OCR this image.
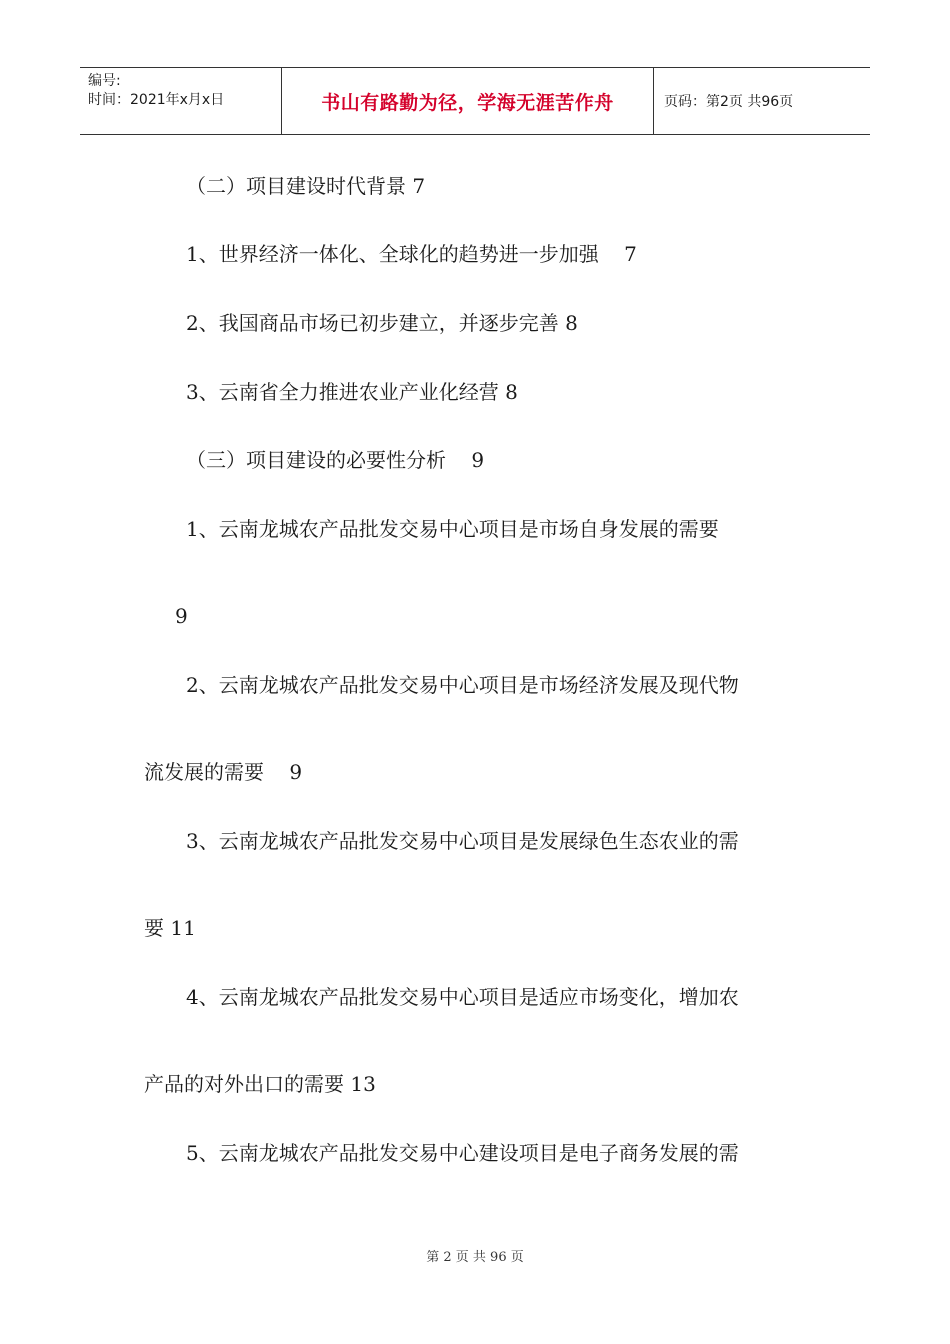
编号:
时间：2021年x月x日	书山有路勤为径，学海无涯苦作舟	页码：第2页 共96页
（二）项目建设时代背景 7
1、世界经济一体化、全球化的趋势进一步加强    7
2、我国商品市场已初步建立，并逐步完善 8
3、云南省全力推进农业产业化经营 8
（三）项目建设的必要性分析    9
1、云南龙城农产品批发交易中心项目是市场自身发展的需要
9
2、云南龙城农产品批发交易中心项目是市场经济发展及现代物
流发展的需要    9
3、云南龙城农产品批发交易中心项目是发展绿色生态农业的需
要 11
4、云南龙城农产品批发交易中心项目是适应市场变化，增加农
产品的对外出口的需要 13
5、云南龙城农产品批发交易中心建设项目是电子商务发展的需
第 2 页 共 96 页
